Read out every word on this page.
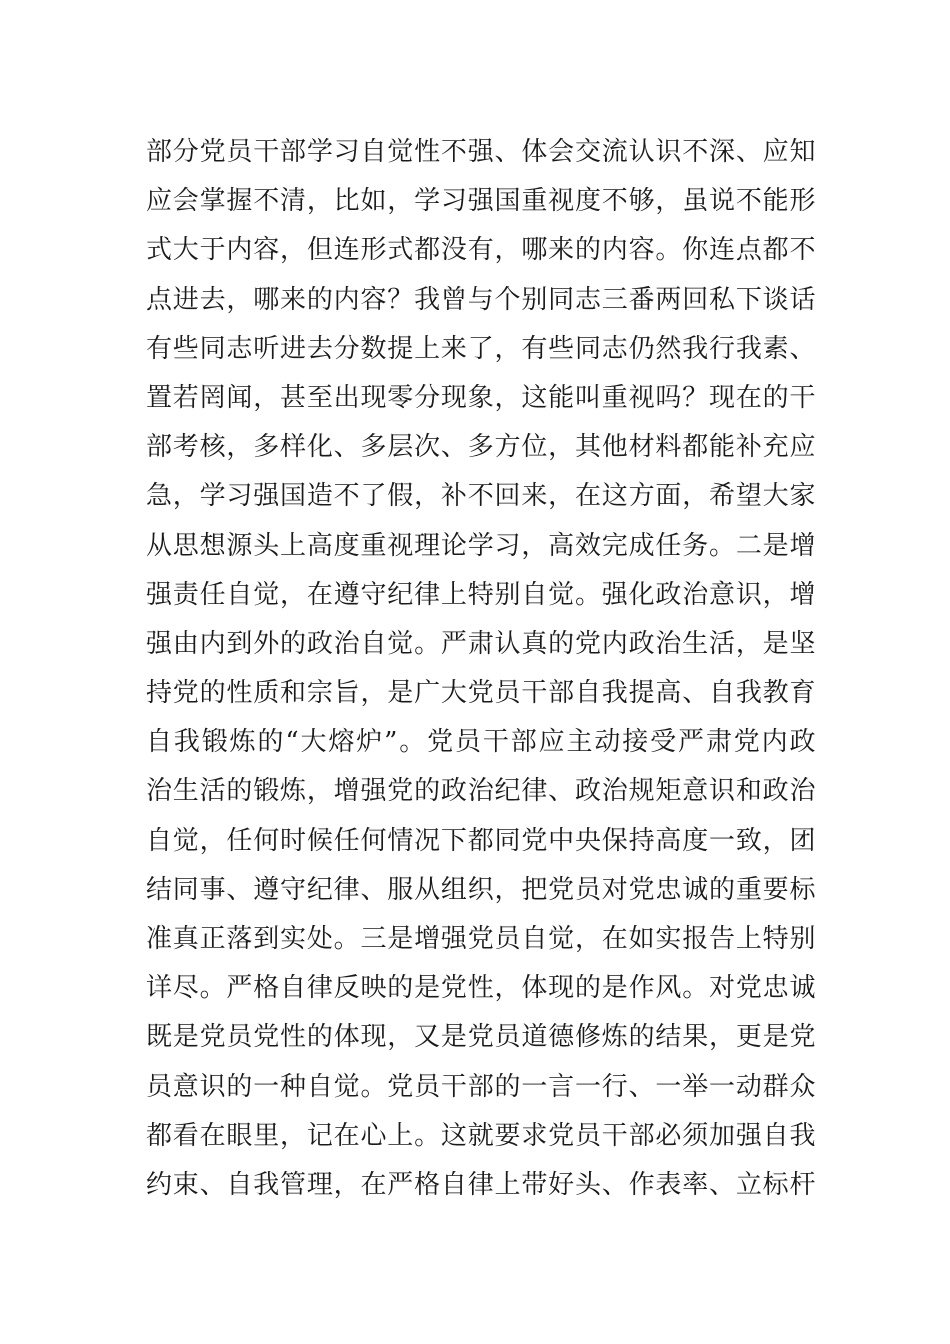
部分党员干部学习自觉性不强、体会交流认识不深、应知
应会掌握不清，比如，学习强国重视度不够，虽说不能形
式大于内容，但连形式都没有，哪来的内容。你连点都不
点进去，哪来的内容？我曾与个别同志三番两回私下谈话
有些同志听进去分数提上来了，有些同志仍然我行我素、
置若罔闻，甚至出现零分现象，这能叫重视吗？现在的干
部考核，多样化、多层次、多方位，其他材料都能补充应
急，学习强国造不了假，补不回来，在这方面，希望大家
从思想源头上高度重视理论学习，高效完成任务。二是增
强责任自觉，在遵守纪律上特别自觉。强化政治意识，增
强由内到外的政治自觉。严肃认真的党内政治生活，是坚
持党的性质和宗旨，是广大党员干部自我提高、自我教育
自我锻炼的“大熔炉”。党员干部应主动接受严肃党内政
治生活的锻炼，增强党的政治纪律、政治规矩意识和政治
自觉，任何时候任何情况下都同党中央保持高度一致，团
结同事、遵守纪律、服从组织，把党员对党忠诚的重要标
准真正落到实处。三是增强党员自觉，在如实报告上特别
详尽。严格自律反映的是党性，体现的是作风。对党忠诚
既是党员党性的体现，又是党员道德修炼的结果，更是党
员意识的一种自觉。党员干部的一言一行、一举一动群众
都看在眼里，记在心上。这就要求党员干部必须加强自我
约束、自我管理，在严格自律上带好头、作表率、立标杆
